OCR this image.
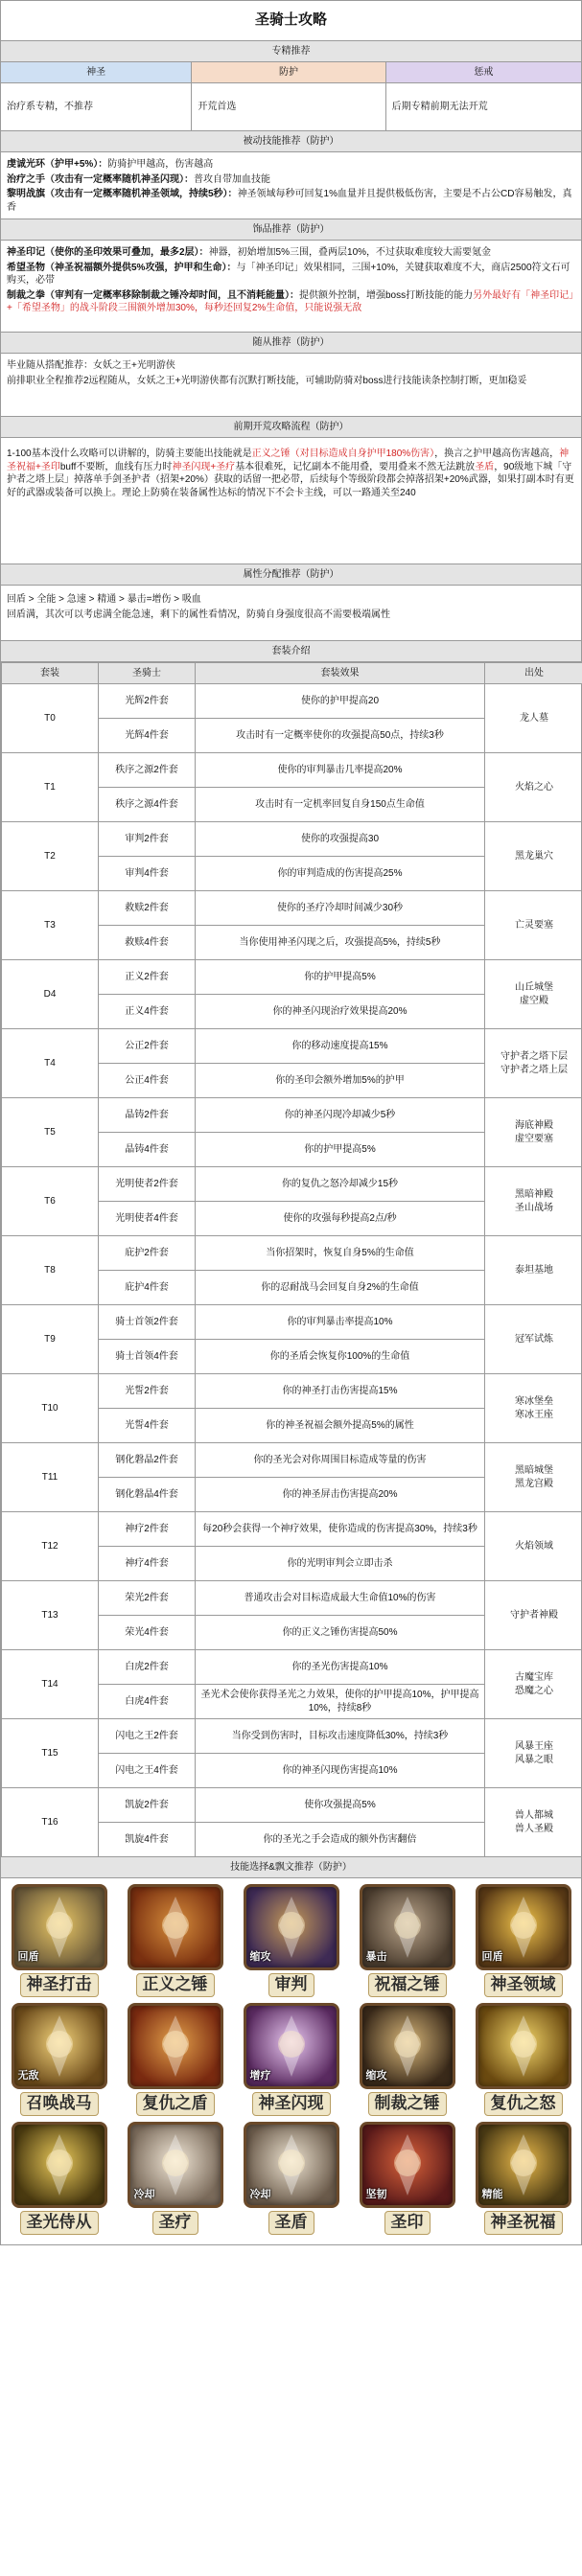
圣骑士攻略
专精推荐
神圣	防护	惩戒
治疗系专精，不推荐	开荒首选	后期专精前期无法开荒
被动技能推荐（防护）

虔诚光环（护甲+5%）：防骑护甲越高，伤害越高

治疗之手（攻击有一定概率随机神圣闪现）：普攻自带加血技能

黎明战旗（攻击有一定概率随机神圣领域，持续5秒）：神圣领域每秒可回复1%血量并且提供极低伤害，主要是不占公CD容易触发，真香

饰品推荐（防护）

神圣印记（使你的圣印效果可叠加，最多2层）：神器，初始增加5%三围，叠两层10%，不过获取难度较大需要氪金

希望圣物（神圣祝福额外提供5%攻强，护甲和生命）：与「神圣印记」效果相同，三围+10%，关键获取难度不大，商店2500符文石可购买，必带

制裁之拳（审判有一定概率移除制裁之锤冷却时间，且不消耗能量）：提供额外控制，增强boss打断技能的能力另外最好有「神圣印记」+「希望圣物」的战斗阶段三围额外增加30%，每秒还回复2%生命值，只能说强无敌

随从推荐（防护）

毕业随从搭配推荐：女妖之王+光明游侠

前排职业全程推荐2远程随从，女妖之王+光明游侠都有沉默打断技能，可辅助防骑对boss进行技能读条控制打断，更加稳妥

前期开荒攻略流程（防护）

1-100基本没什么攻略可以讲解的，防骑主要能出技能就是正义之锤（对目标造成自身护甲180%伤害），换言之护甲越高伤害越高，神圣祝福+圣印buff不要断，血线有压力时神圣闪现+圣疗基本很难死，记忆副本不能用叠，要用叠来不然无法跳放圣盾，90级地下城「守护者之塔上层」掉落单手剑圣护者（招架+20%）获取的话留一把必带，后续每个等级阶段都会掉落招架+20%武器，如果打副本时有更好的武器或装备可以换上。理论上防骑在装备属性达标的情况下不会卡主线，可以一路通关至240

属性分配推荐（防护）

回盾 > 全能 > 急速 > 精通 > 暴击=增伤 > 吸血

回盾满，其次可以考虑满全能急速，剩下的属性看情况，防骑自身强度很高不需要极端属性

套装介绍
套装	圣骑士	套装效果	出处
T0	光辉2件套	使你的护甲提高20	龙人墓
	光辉4件套	攻击时有一定概率使你的攻强提高50点，持续3秒	
T1	秩序之源2件套	使你的审判暴击几率提高20%	火焰之心
	秩序之源4件套	攻击时有一定机率回复自身150点生命值	
T2	审判2件套	使你的攻强提高30	黑龙巢穴
	审判4件套	你的审判造成的伤害提高25%	
T3	救赎2件套	使你的圣疗冷却时间减少30秒	亡灵要塞
	救赎4件套	当你使用神圣闪现之后，攻强提高5%，持续5秒	
D4	正义2件套	你的护甲提高5%	山丘城堡
虚空殿
	正义4件套	你的神圣闪现治疗效果提高20%	
T4	公正2件套	你的移动速度提高15%	守护者之塔下层
守护者之塔上层
	公正4件套	你的圣印会额外增加5%的护甲	
T5	晶铸2件套	你的神圣闪现冷却减少5秒	海底神殿
虚空要塞
	晶铸4件套	你的护甲提高5%	
T6	光明使者2件套	你的复仇之怒冷却减少15秒	黑暗神殿
圣山战场
	光明使者4件套	使你的攻强每秒提高2点/秒	
T8	庇护2件套	当你招架时，恢复自身5%的生命值	泰坦基地
	庇护4件套	你的忍耐战马会回复自身2%的生命值	
T9	骑士首领2件套	你的审判暴击率提高10%	冠军试炼
	骑士首领4件套	你的圣盾会恢复你100%的生命值	
T10	光誓2件套	你的神圣打击伤害提高15%	寒冰堡垒
寒冰王座
	光誓4件套	你的神圣祝福会额外提高5%的属性	
T11	钢化磐晶2件套	你的圣光会对你周围目标造成等量的伤害	黑暗城堡
黑龙宫殿
	钢化磐晶4件套	你的神圣屏击伤害提高20%	
T12	神疗2件套	每20秒会获得一个神疗效果，使你造成的伤害提高30%，持续3秒	火焰领域
	神疗4件套	你的光明审判会立即击杀	
T13	荣光2件套	普通攻击会对目标造成最大生命值10%的伤害	守护者神殿
	荣光4件套	你的正义之锤伤害提高50%	
T14	白虎2件套	你的圣光伤害提高10%	古魔宝库
恐魔之心
	白虎4件套	圣光术会使你获得圣光之力效果，使你的护甲提高10%，护甲提高10%，持续8秒	
T15	闪电之王2件套	当你受到伤害时，目标攻击速度降低30%，持续3秒	风暴王座
风暴之眼
	闪电之王4件套	你的神圣闪现伤害提高10%	
T16	凯旋2件套	使你攻强提高5%	兽人都城
兽人圣殿
	凯旋4件套	你的圣光之手会造成的额外伤害翻倍	
技能选择&飘文推荐（防护）
回盾
神圣打击	正义之锤
缩攻
审判
暴击
祝福之锤
回盾
神圣领域
无敌
召唤战马	复仇之盾
增疗
神圣闪现
缩攻
制裁之锤	复仇之怒
圣光侍从
冷却
圣疗
冷却
圣盾
坚韧
圣印
精能
神圣祝福
